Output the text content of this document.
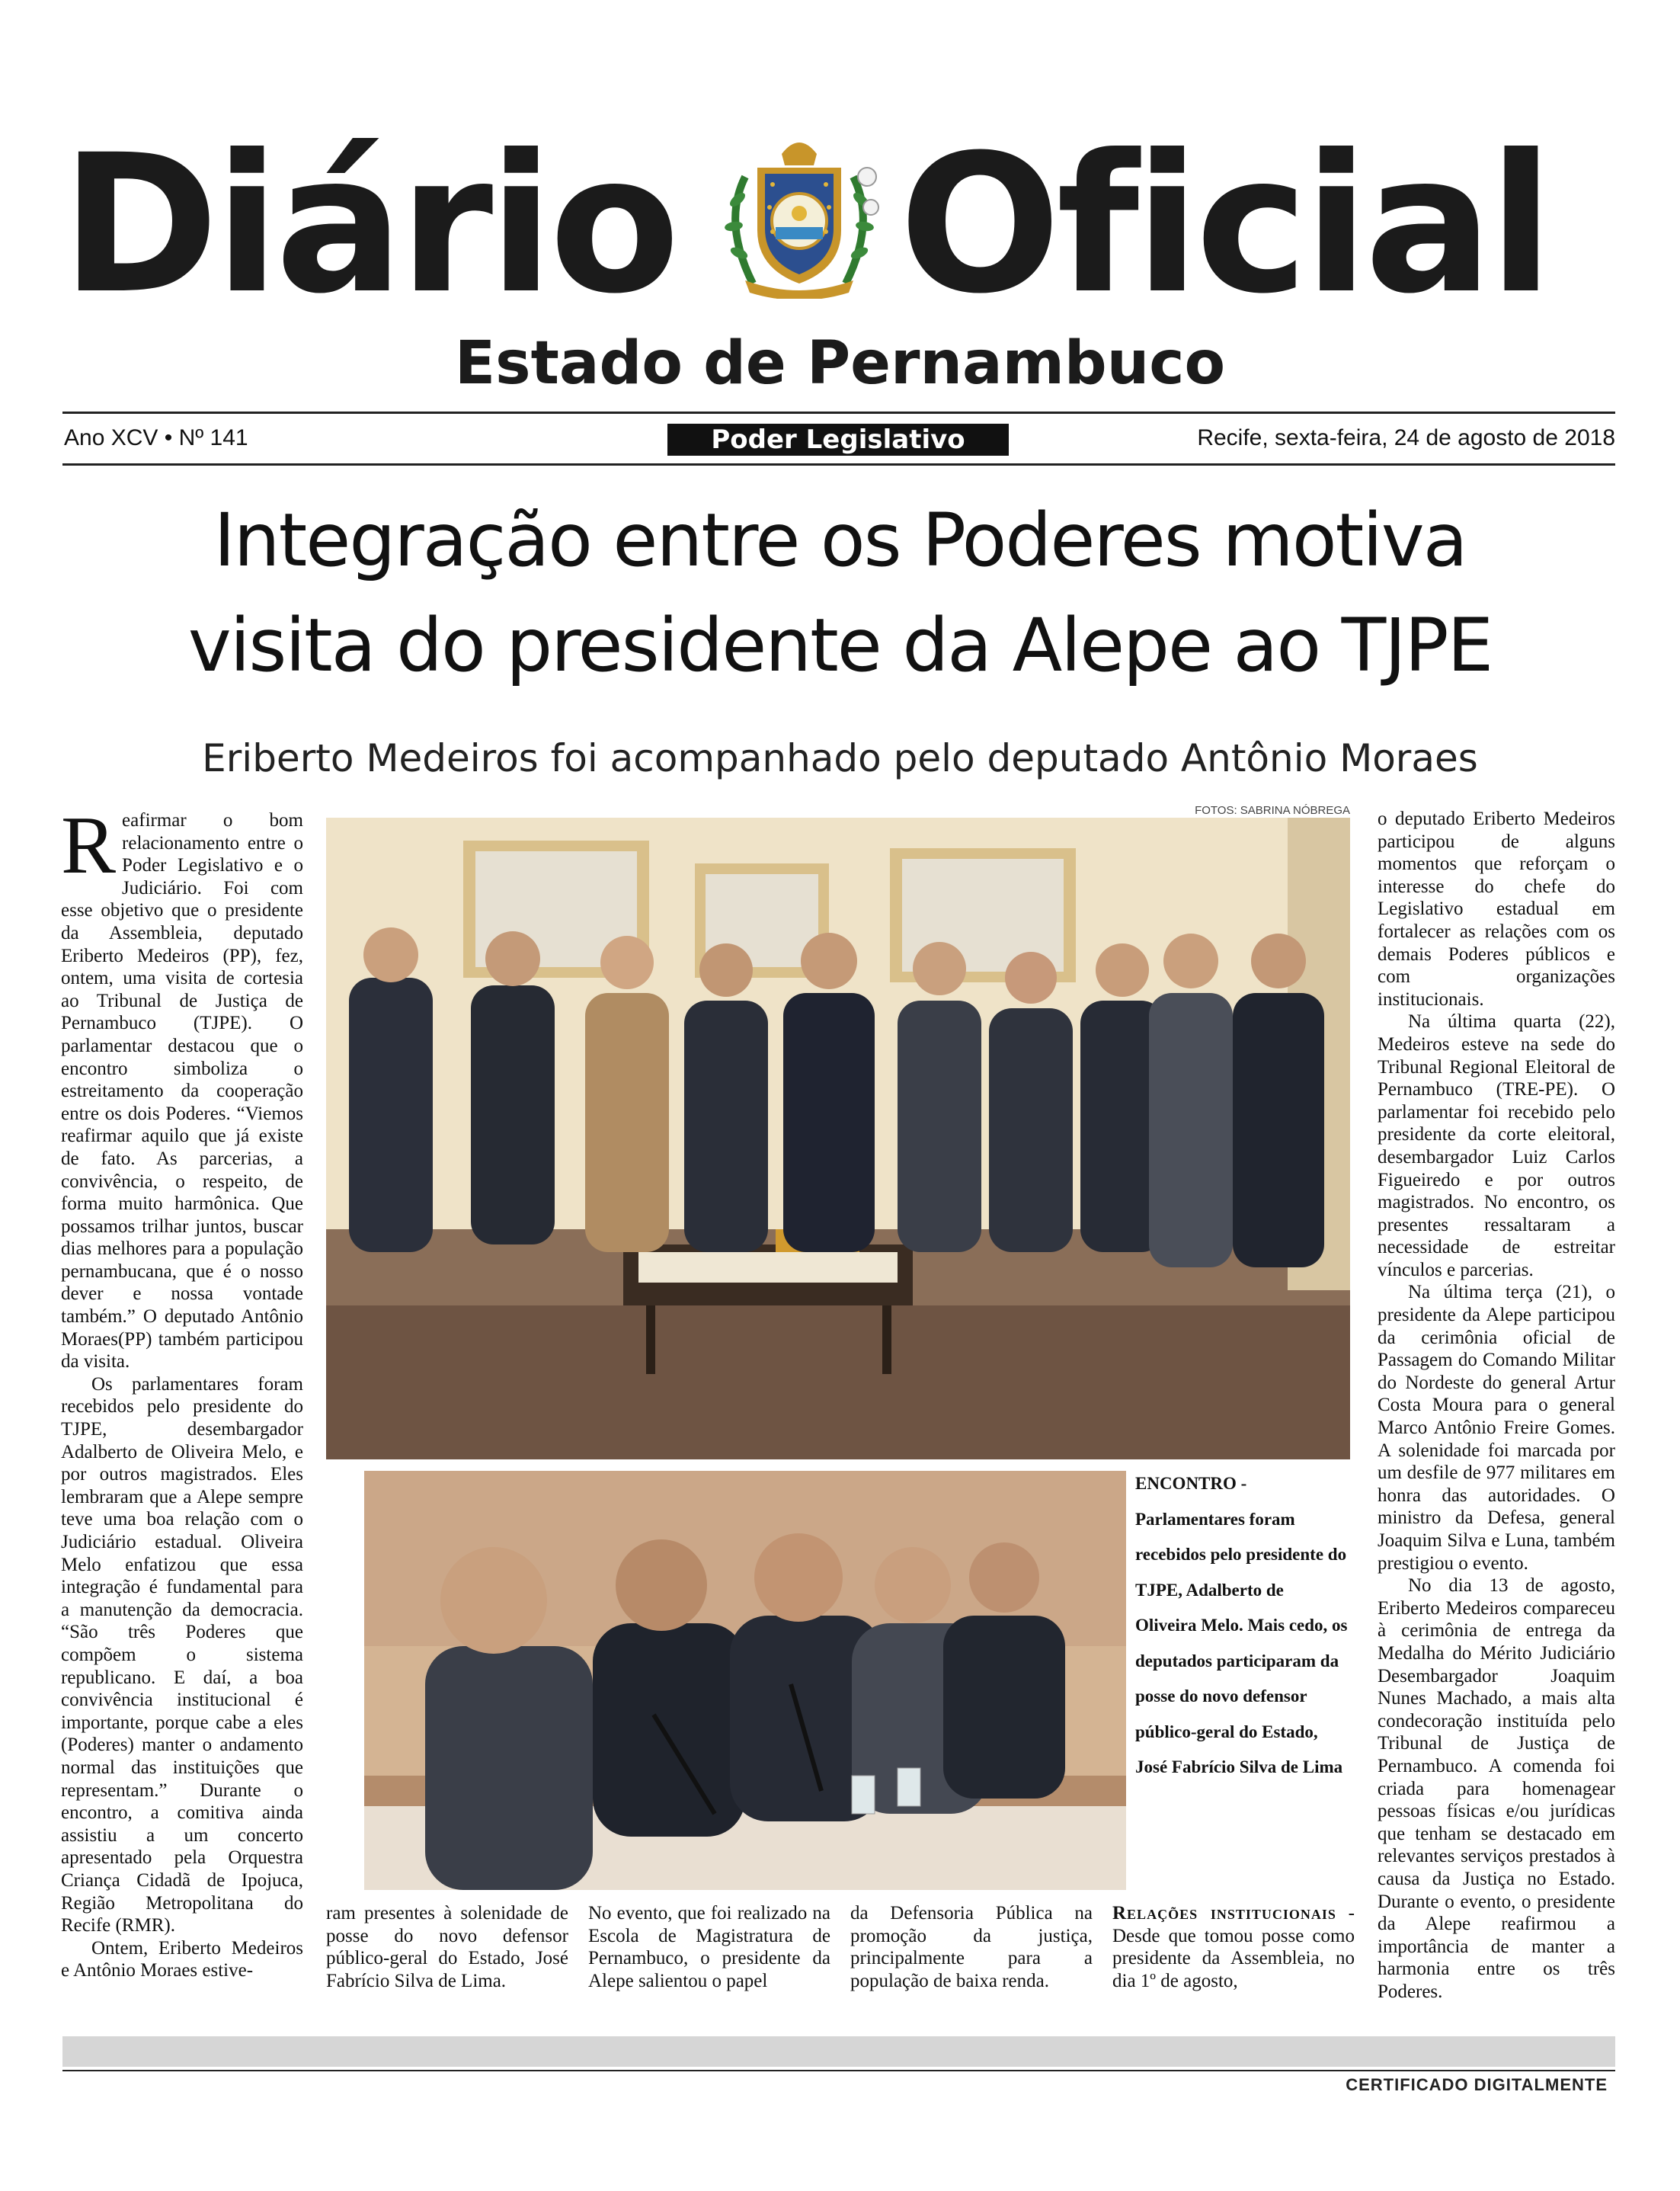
Diário Oficial
Estado de Pernambuco
Ano XCV • Nº 141	Poder Legislativo	Recife, sexta-feira, 24 de agosto de 2018
Integração entre os Poderes motiva
visita do presidente da Alepe ao TJPE
Eriberto Medeiros foi acompanhado pelo deputado Antônio Moraes

Reafirmar o bom relacionamento entre o Poder Legislativo e o Judiciário. Foi com esse objetivo que o presidente da Assembleia, deputado Eriberto Medeiros (PP), fez, ontem, uma visita de cortesia ao Tribunal de Justiça de Pernambuco (TJPE). O parlamentar destacou que o encontro simboliza o estreitamento da cooperação entre os dois Poderes. “Viemos reafirmar aquilo que já existe de fato. As parcerias, a convivência, o respeito, de forma muito harmônica. Que possamos trilhar juntos, buscar dias melhores para a população pernambucana, que é o nosso dever e nossa vontade também.” O deputado Antônio Moraes(PP) também participou da visita.

Os parlamentares foram recebidos pelo presidente do TJPE, desembargador Adalberto de Oliveira Melo, e por outros magistrados. Eles lembraram que a Alepe sempre teve uma boa relação com o Judiciário estadual. Oliveira Melo enfatizou que essa integração é fundamental para a manutenção da democracia. “São três Poderes que compõem o sistema republicano. E daí, a boa convivência institucional é importante, porque cabe a eles (Poderes) manter o andamento normal das instituições que representam.” Durante o encontro, a comitiva ainda assistiu a um concerto apresentado pela Orquestra Criança Cidadã de Ipojuca, Região Metropolitana do Recife (RMR).

Ontem, Eriberto Medeiros e Antônio Moraes estive-

FOTOS: SABRINA NÓBREGA
ENCONTRO - Parlamentares foram recebidos pelo presidente do TJPE, Adalberto de Oliveira Melo. Mais cedo, os deputados participaram da posse do novo defensor público-geral do Estado, José Fabrício Silva de Lima

ram presentes à solenidade de posse do novo defensor público-geral do Estado, José Fabrício Silva de Lima.

No evento, que foi realizado na Escola de Magistratura de Pernambuco, o presidente da Alepe salientou o papel

da Defensoria Pública na promoção da justiça, principalmente para a população de baixa renda.

Relações institucionais - Desde que tomou posse como presidente da Assembleia, no dia 1º de agosto,

o deputado Eriberto Medeiros participou de alguns momentos que reforçam o interesse do chefe do Legislativo estadual em fortalecer as relações com os demais Poderes públicos e com organizações institucionais.

Na última quarta (22), Medeiros esteve na sede do Tribunal Regional Eleitoral de Pernambuco (TRE-PE). O parlamentar foi recebido pelo presidente da corte eleitoral, desembargador Luiz Carlos Figueiredo e por outros magistrados. No encontro, os presentes ressaltaram a necessidade de estreitar vínculos e parcerias.

Na última terça (21), o presidente da Alepe participou da cerimônia oficial de Passagem do Comando Militar do Nordeste do general Artur Costa Moura para o general Marco Antônio Freire Gomes. A solenidade foi marcada por um desfile de 977 militares em honra das autoridades. O ministro da Defesa, general Joaquim Silva e Luna, também prestigiou o evento.

No dia 13 de agosto, Eriberto Medeiros compareceu à cerimônia de entrega da Medalha do Mérito Judiciário Desembargador Joaquim Nunes Machado, a mais alta condecoração instituída pelo Tribunal de Justiça de Pernambuco. A comenda foi criada para homenagear pessoas físicas e/ou jurídicas que tenham se destacado em relevantes serviços prestados à causa da Justiça no Estado. Durante o evento, o presidente da Alepe reafirmou a importância de manter a harmonia entre os três Poderes.

CERTIFICADO DIGITALMENTE
